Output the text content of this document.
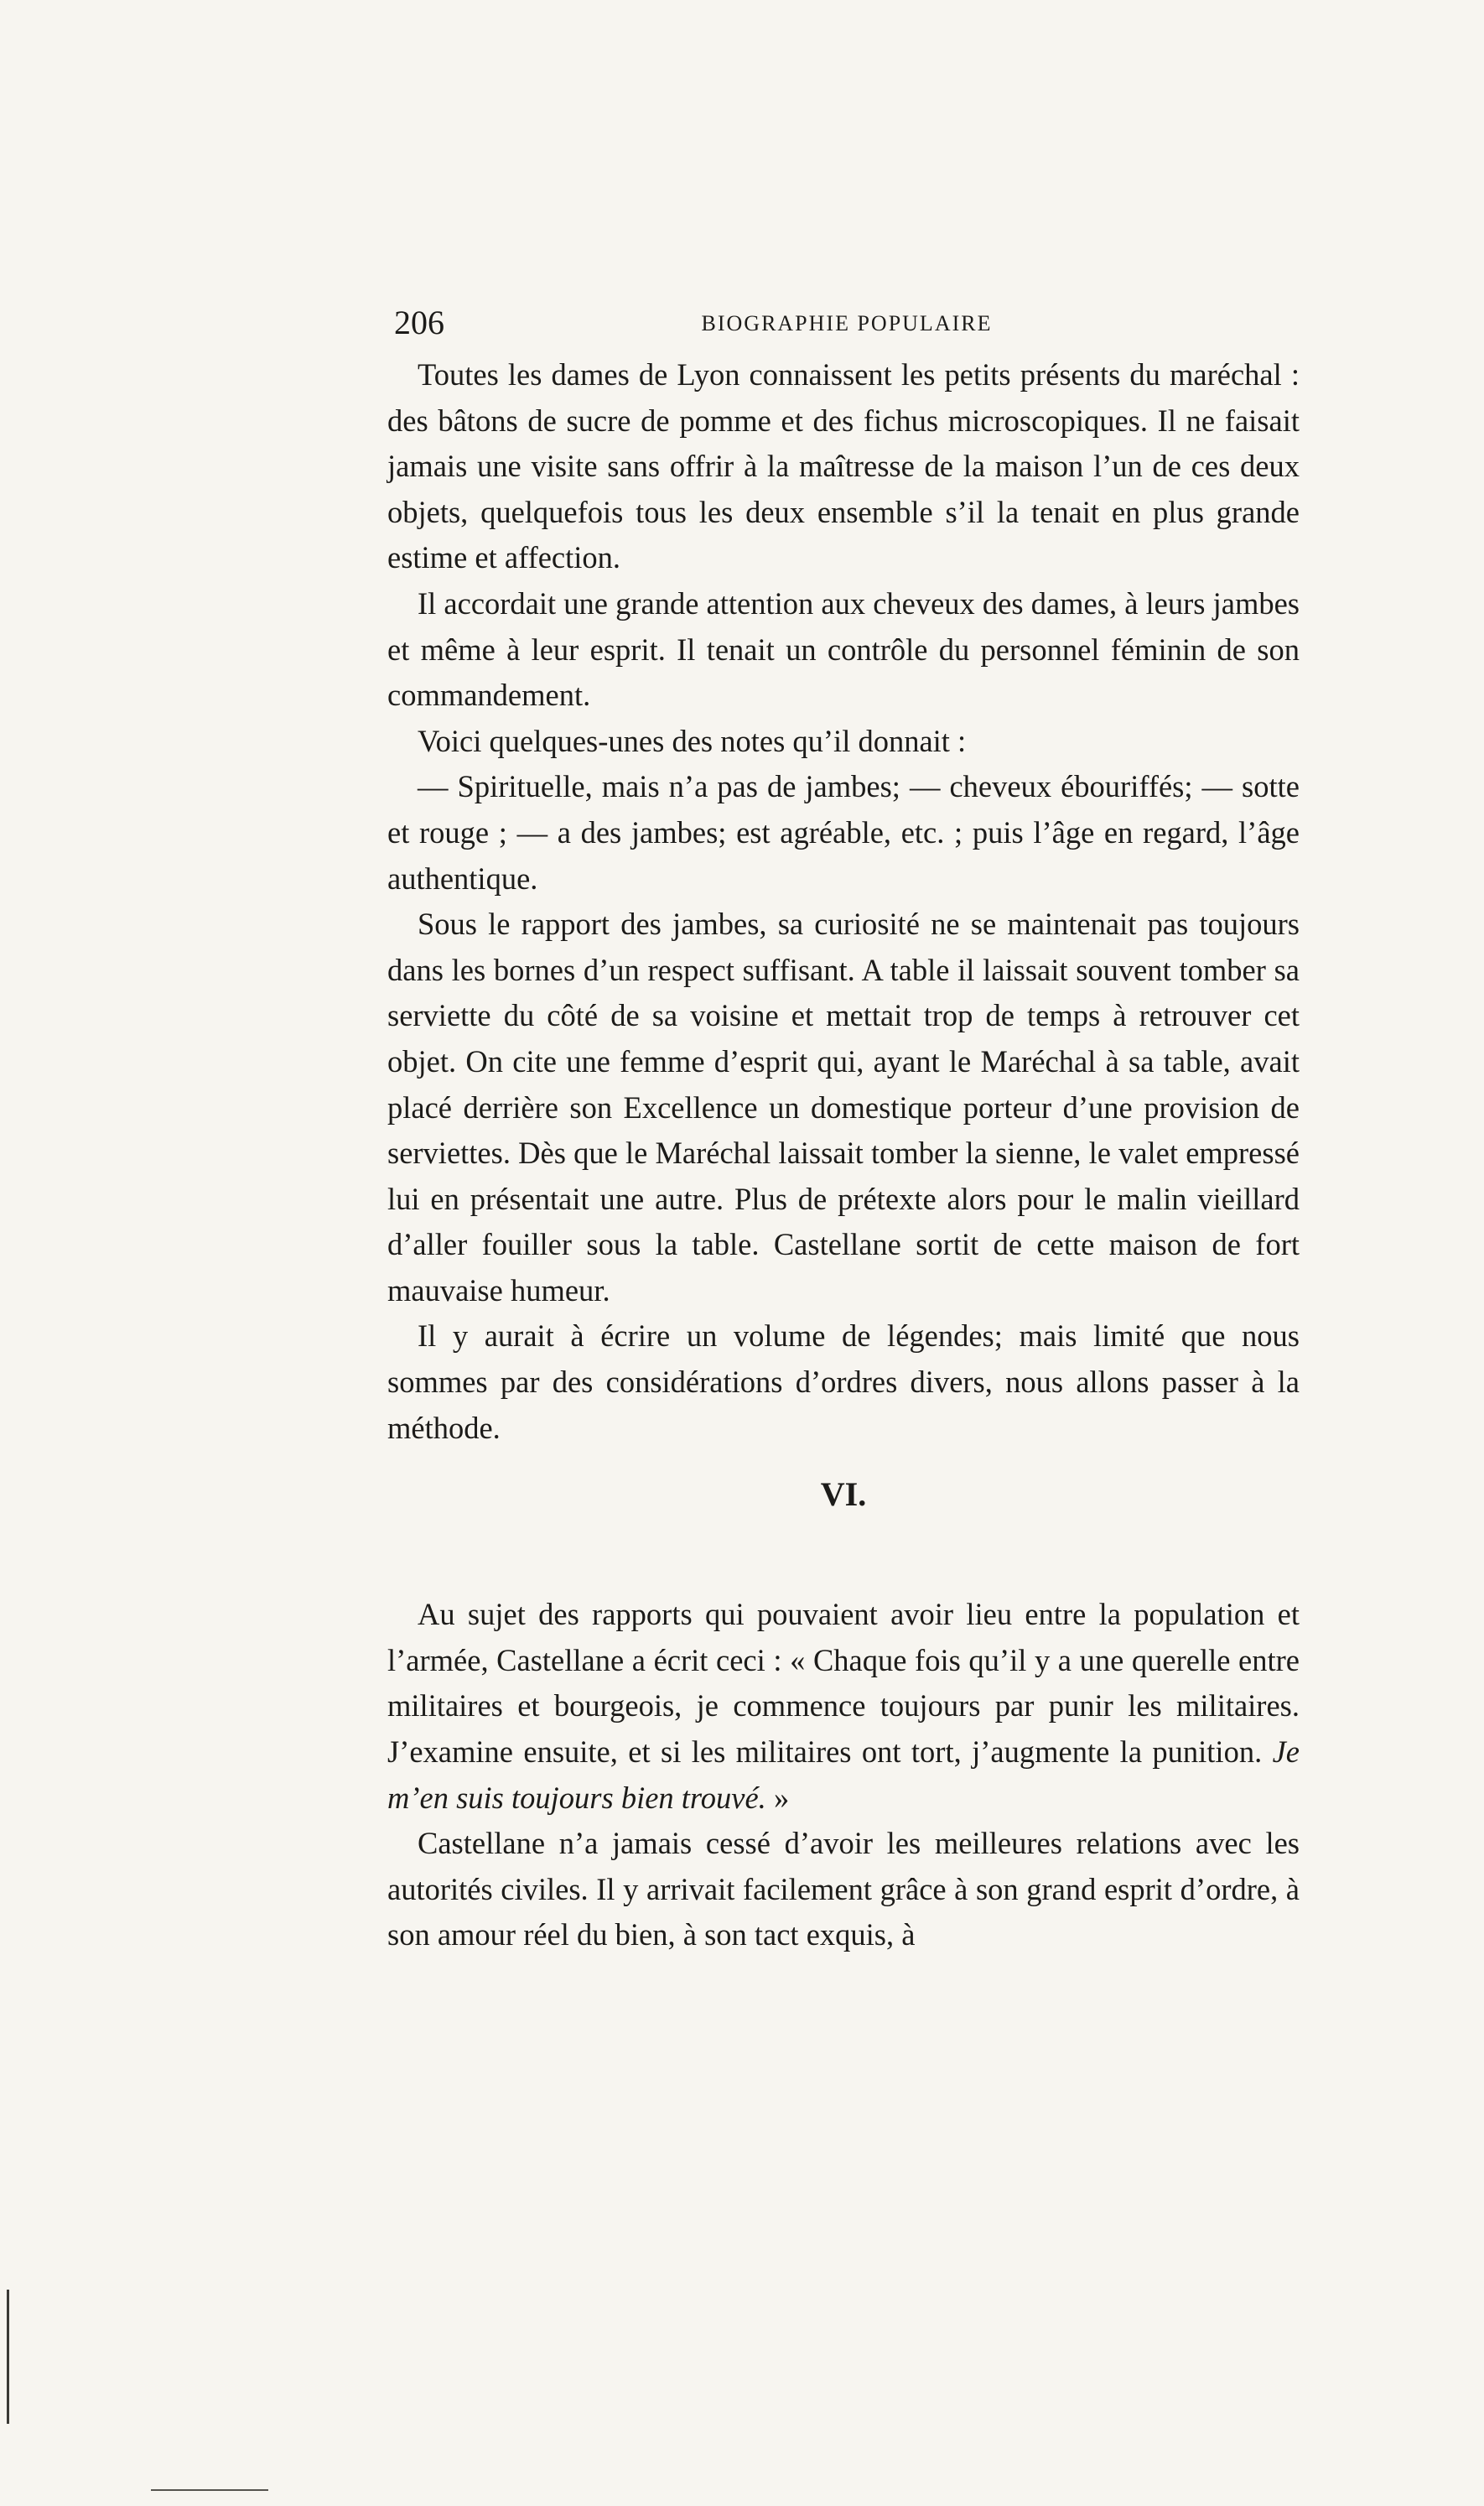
206	BIOGRAPHIE POPULAIRE

Toutes les dames de Lyon connaissent les petits présents du maréchal : des bâtons de sucre de pomme et des fichus microscopiques. Il ne faisait jamais une visite sans offrir à la maîtresse de la maison l’un de ces deux objets, quelquefois tous les deux ensemble s’il la tenait en plus grande estime et affection.

Il accordait une grande attention aux cheveux des dames, à leurs jambes et même à leur esprit. Il tenait un contrôle du personnel féminin de son commandement.

Voici quelques-unes des notes qu’il donnait :

— Spirituelle, mais n’a pas de jambes; — cheveux ébouriffés; — sotte et rouge ; — a des jambes; est agréable, etc. ; puis l’âge en regard, l’âge authentique.

Sous le rapport des jambes, sa curiosité ne se maintenait pas toujours dans les bornes d’un respect suffisant. A table il laissait souvent tomber sa serviette du côté de sa voisine et mettait trop de temps à retrouver cet objet. On cite une femme d’esprit qui, ayant le Maréchal à sa table, avait placé derrière son Excellence un domestique porteur d’une provision de serviettes. Dès que le Maréchal laissait tomber la sienne, le valet empressé lui en présentait une autre. Plus de prétexte alors pour le malin vieillard d’aller fouiller sous la table. Castellane sortit de cette maison de fort mauvaise humeur.

Il y aurait à écrire un volume de légendes; mais limité que nous sommes par des considérations d’ordres divers, nous allons passer à la méthode.

VI.

Au sujet des rapports qui pouvaient avoir lieu entre la population et l’armée, Castellane a écrit ceci : « Chaque fois qu’il y a une querelle entre militaires et bourgeois, je commence toujours par punir les militaires. J’examine ensuite, et si les militaires ont tort, j’augmente la punition. Je m’en suis toujours bien trouvé. »

Castellane n’a jamais cessé d’avoir les meilleures relations avec les autorités civiles. Il y arrivait facilement grâce à son grand esprit d’ordre, à son amour réel du bien, à son tact exquis, à
